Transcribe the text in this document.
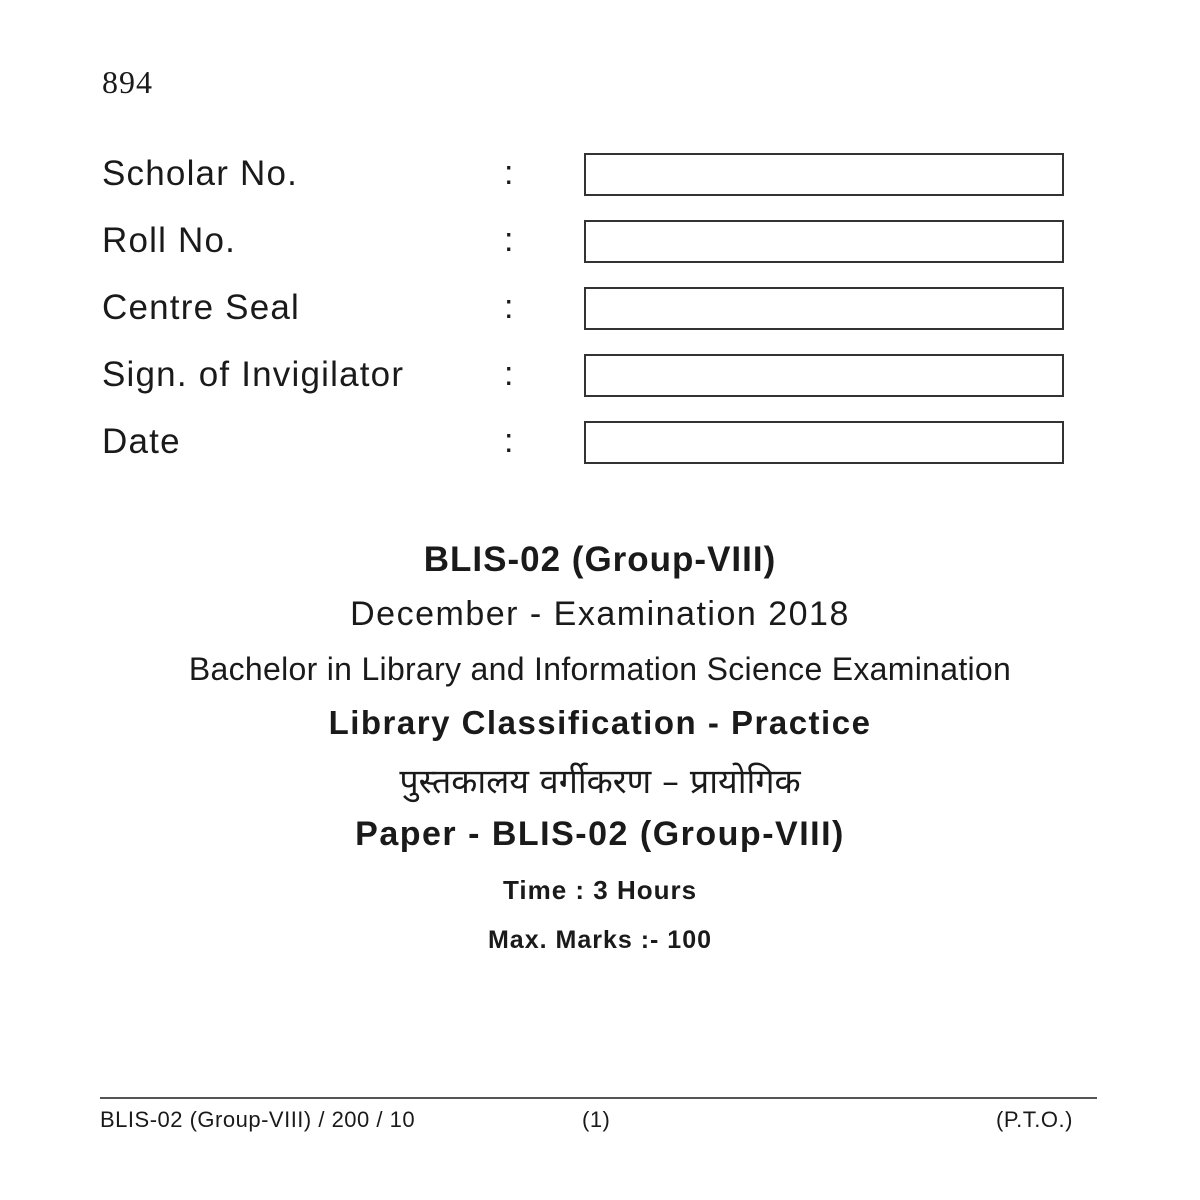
894
Scholar No.	:
Roll No.	:
Centre Seal	:
Sign. of Invigilator	:
Date	:
BLIS-02 (Group-VIII)
December - Examination 2018
Bachelor in Library and Information Science Examination
Library Classification - Practice
पुस्तकालय वर्गीकरण – प्रायोगिक
Paper - BLIS-02 (Group-VIII)
Time : 3 Hours
Max. Marks :- 100
BLIS-02 (Group-VIII) / 200 / 10	(1)	(P.T.O.)
